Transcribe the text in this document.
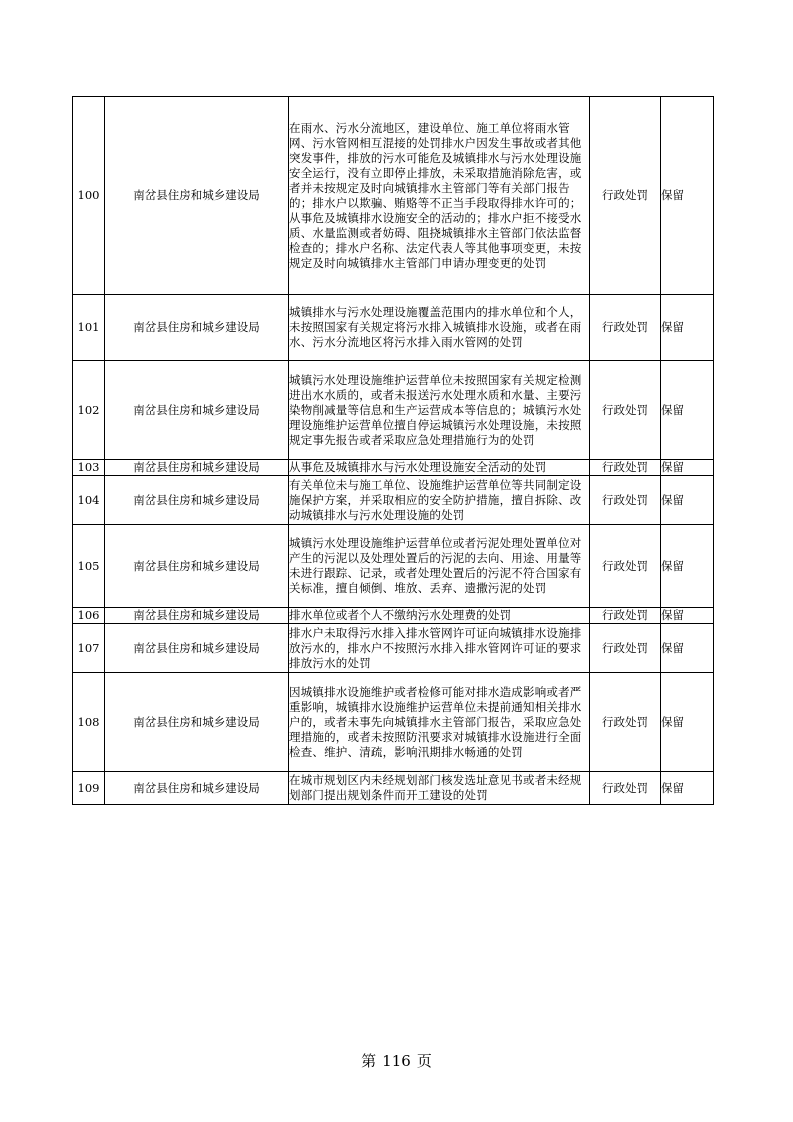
100	南岔县住房和城乡建设局	在雨水、污水分流地区，建设单位、施工单位将雨水管网、污水管网相互混接的处罚排水户因发生事故或者其他突发事件，排放的污水可能危及城镇排水与污水处理设施安全运行，没有立即停止排放，未采取措施消除危害，或者并未按规定及时向城镇排水主管部门等有关部门报告的；排水户以欺骗、贿赂等不正当手段取得排水许可的；从事危及城镇排水设施安全的活动的；排水户拒不接受水质、水量监测或者妨碍、阻挠城镇排水主管部门依法监督检查的；排水户名称、法定代表人等其他事项变更，未按规定及时向城镇排水主管部门申请办理变更的处罚	行政处罚	保留
101	南岔县住房和城乡建设局	城镇排水与污水处理设施覆盖范围内的排水单位和个人，未按照国家有关规定将污水排入城镇排水设施，或者在雨水、污水分流地区将污水排入雨水管网的处罚	行政处罚	保留
102	南岔县住房和城乡建设局	城镇污水处理设施维护运营单位未按照国家有关规定检测进出水水质的，或者未报送污水处理水质和水量、主要污染物削减量等信息和生产运营成本等信息的；城镇污水处理设施维护运营单位擅自停运城镇污水处理设施，未按照规定事先报告或者采取应急处理措施行为的处罚	行政处罚	保留
103	南岔县住房和城乡建设局	从事危及城镇排水与污水处理设施安全活动的处罚	行政处罚	保留
104	南岔县住房和城乡建设局	有关单位未与施工单位、设施维护运营单位等共同制定设施保护方案，并采取相应的安全防护措施，擅自拆除、改动城镇排水与污水处理设施的处罚	行政处罚	保留
105	南岔县住房和城乡建设局	城镇污水处理设施维护运营单位或者污泥处理处置单位对产生的污泥以及处理处置后的污泥的去向、用途、用量等未进行跟踪、记录，或者处理处置后的污泥不符合国家有关标准，擅自倾倒、堆放、丢弃、遗撒污泥的处罚	行政处罚	保留
106	南岔县住房和城乡建设局	排水单位或者个人不缴纳污水处理费的处罚	行政处罚	保留
107	南岔县住房和城乡建设局	排水户未取得污水排入排水管网许可证向城镇排水设施排放污水的，排水户不按照污水排入排水管网许可证的要求排放污水的处罚	行政处罚	保留
108	南岔县住房和城乡建设局	因城镇排水设施维护或者检修可能对排水造成影响或者严重影响，城镇排水设施维护运营单位未提前通知相关排水户的，或者未事先向城镇排水主管部门报告，采取应急处理措施的，或者未按照防汛要求对城镇排水设施进行全面检查、维护、清疏，影响汛期排水畅通的处罚	行政处罚	保留
109	南岔县住房和城乡建设局	在城市规划区内未经规划部门核发选址意见书或者未经规划部门提出规划条件而开工建设的处罚	行政处罚	保留
第 116 页
